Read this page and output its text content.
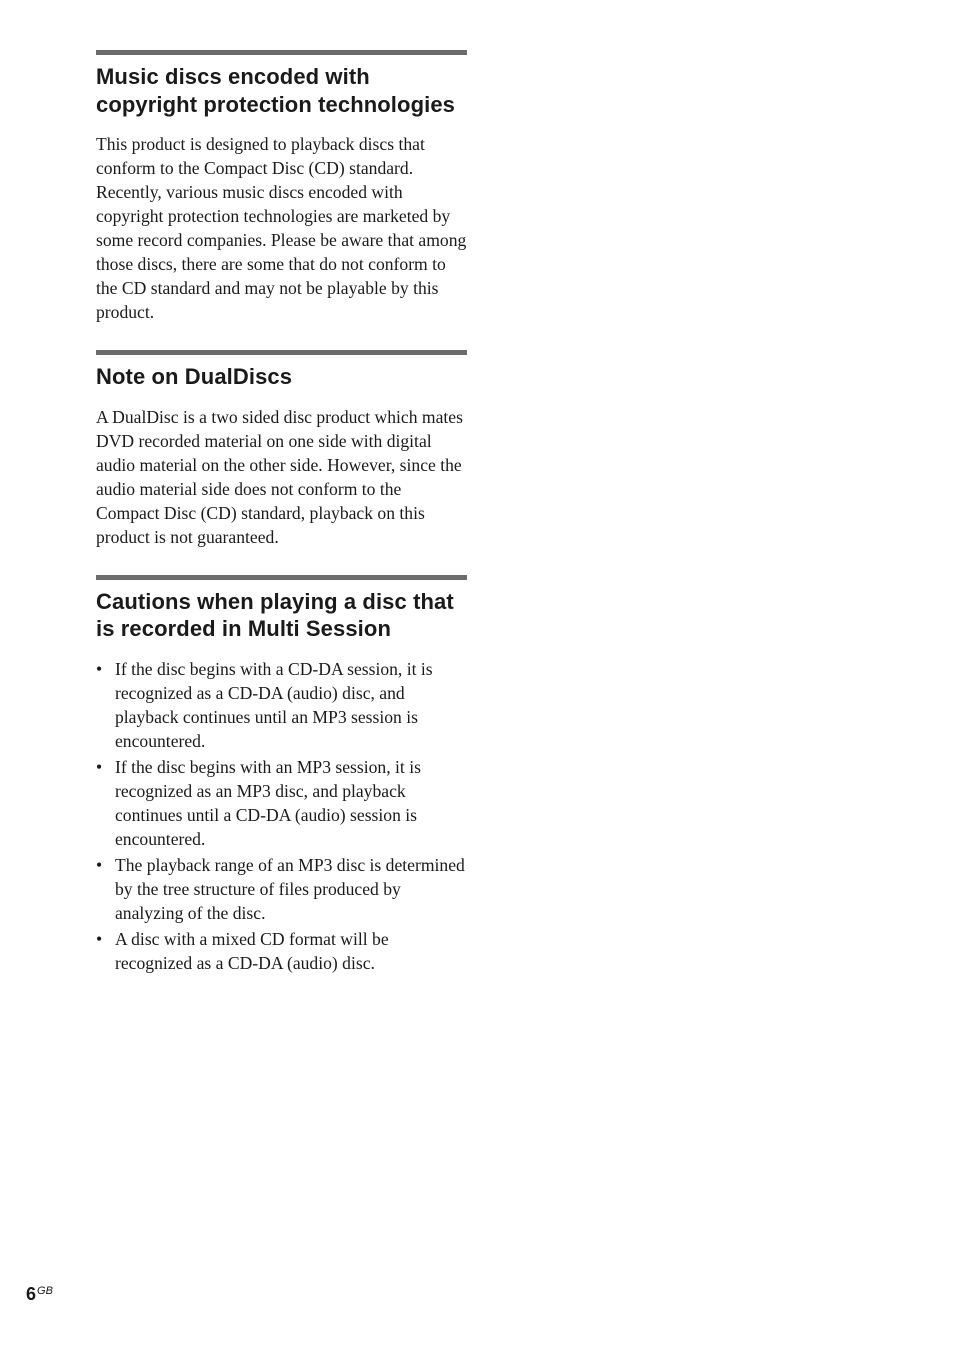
Music discs encoded with copyright protection technologies

This product is designed to playback discs that conform to the Compact Disc (CD) standard. Recently, various music discs encoded with copyright protection technologies are marketed by some record companies. Please be aware that among those discs, there are some that do not conform to the CD standard and may not be playable by this product.

Note on DualDiscs

A DualDisc is a two sided disc product which mates DVD recorded material on one side with digital audio material on the other side. However, since the audio material side does not conform to the Compact Disc (CD) standard, playback on this product is not guaranteed.

Cautions when playing a disc that is recorded in Multi Session
• If the disc begins with a CD-DA session, it is recognized as a CD-DA (audio) disc, and playback continues until an MP3 session is encountered.
• If the disc begins with an MP3 session, it is recognized as an MP3 disc, and playback continues until a CD-DA (audio) session is encountered.
• The playback range of an MP3 disc is determined by the tree structure of files produced by analyzing of the disc.
• A disc with a mixed CD format will be recognized as a CD-DA (audio) disc.
$6^{GB}$
